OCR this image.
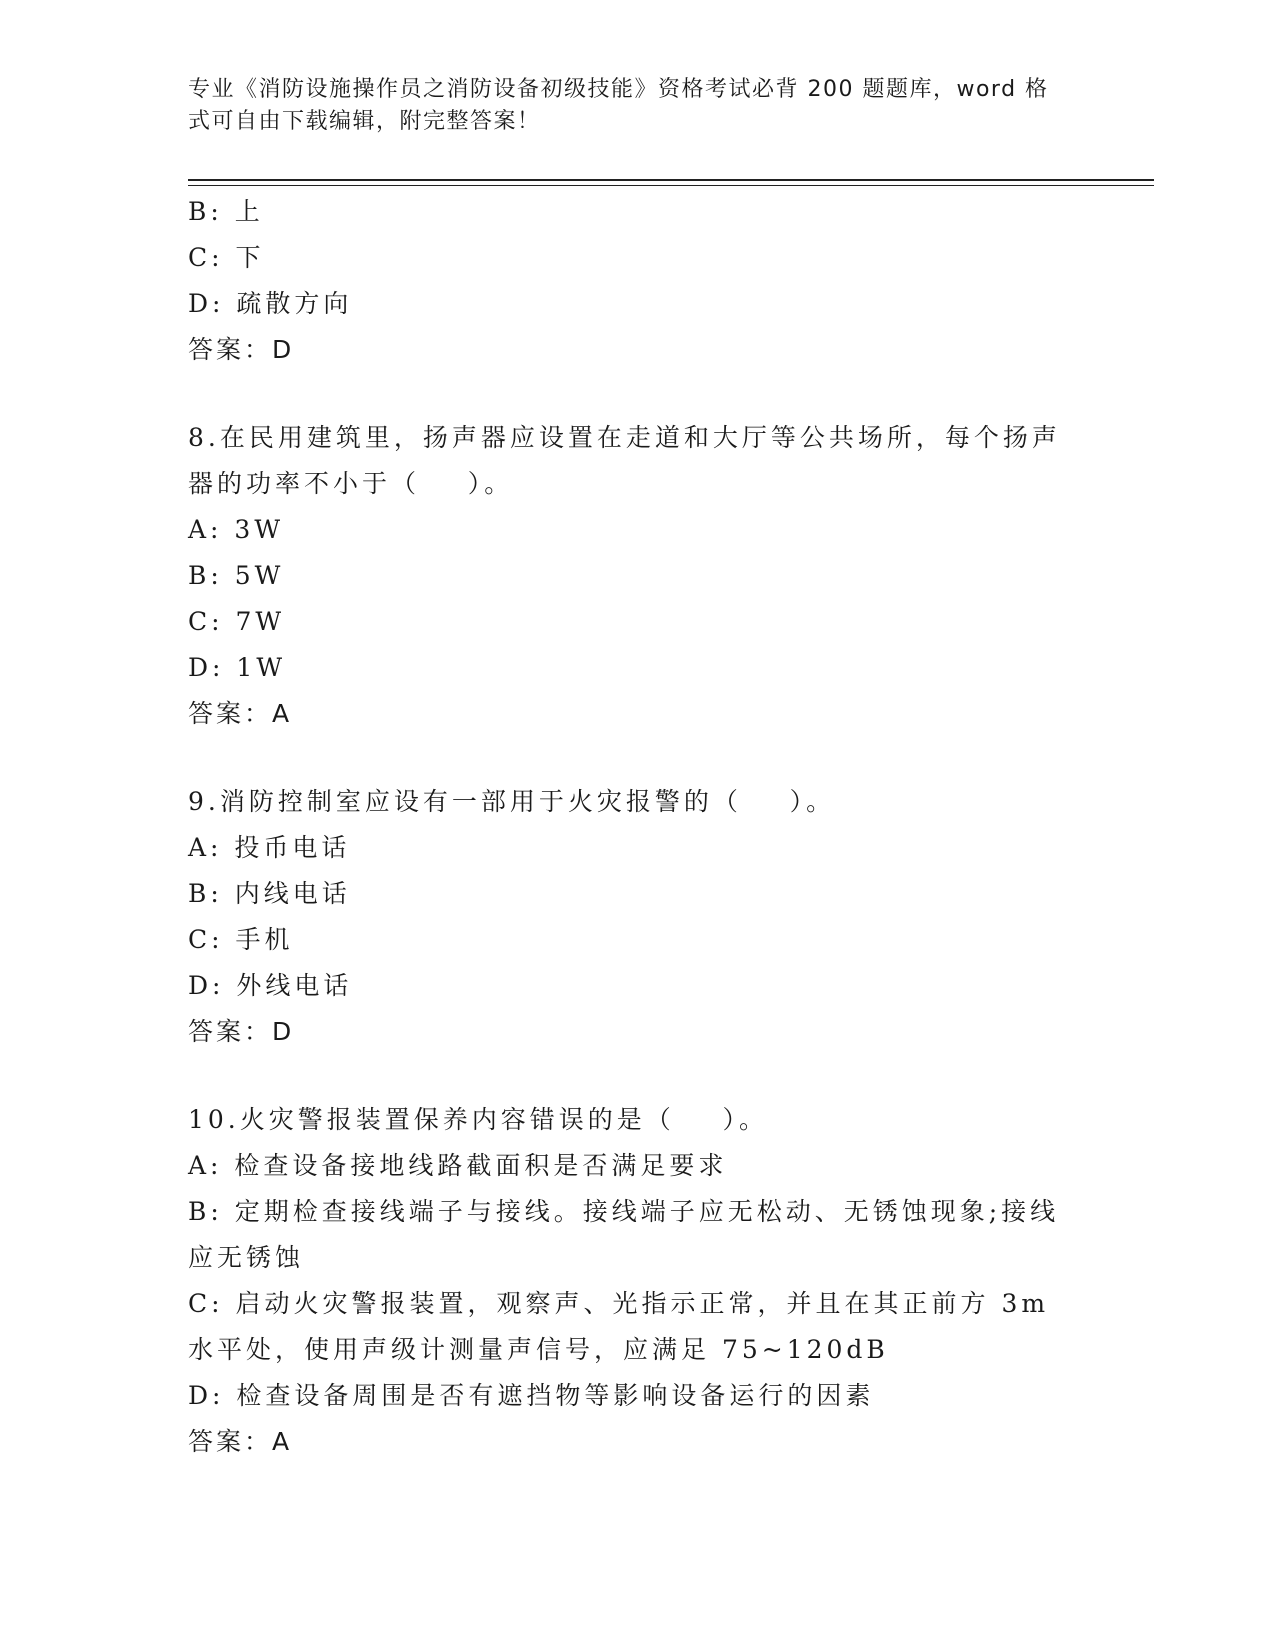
专业《消防设施操作员之消防设备初级技能》资格考试必背 200 题题库，word 格式可自由下载编辑，附完整答案！
B: 上
C: 下
D: 疏散方向
答案：D
8.在民用建筑里，扬声器应设置在走道和大厅等公共场所，每个扬声器的功率不小于（    ）。
A: 3W
B: 5W
C: 7W
D: 1W
答案：A
9.消防控制室应设有一部用于火灾报警的（    ）。
A: 投币电话
B: 内线电话
C: 手机
D: 外线电话
答案：D
10.火灾警报装置保养内容错误的是（    ）。
A: 检查设备接地线路截面积是否满足要求
B: 定期检查接线端子与接线。接线端子应无松动、无锈蚀现象;接线应无锈蚀
C: 启动火灾警报装置，观察声、光指示正常，并且在其正前方 3m 水平处，使用声级计测量声信号，应满足 75~120dB
D: 检查设备周围是否有遮挡物等影响设备运行的因素
答案：A
